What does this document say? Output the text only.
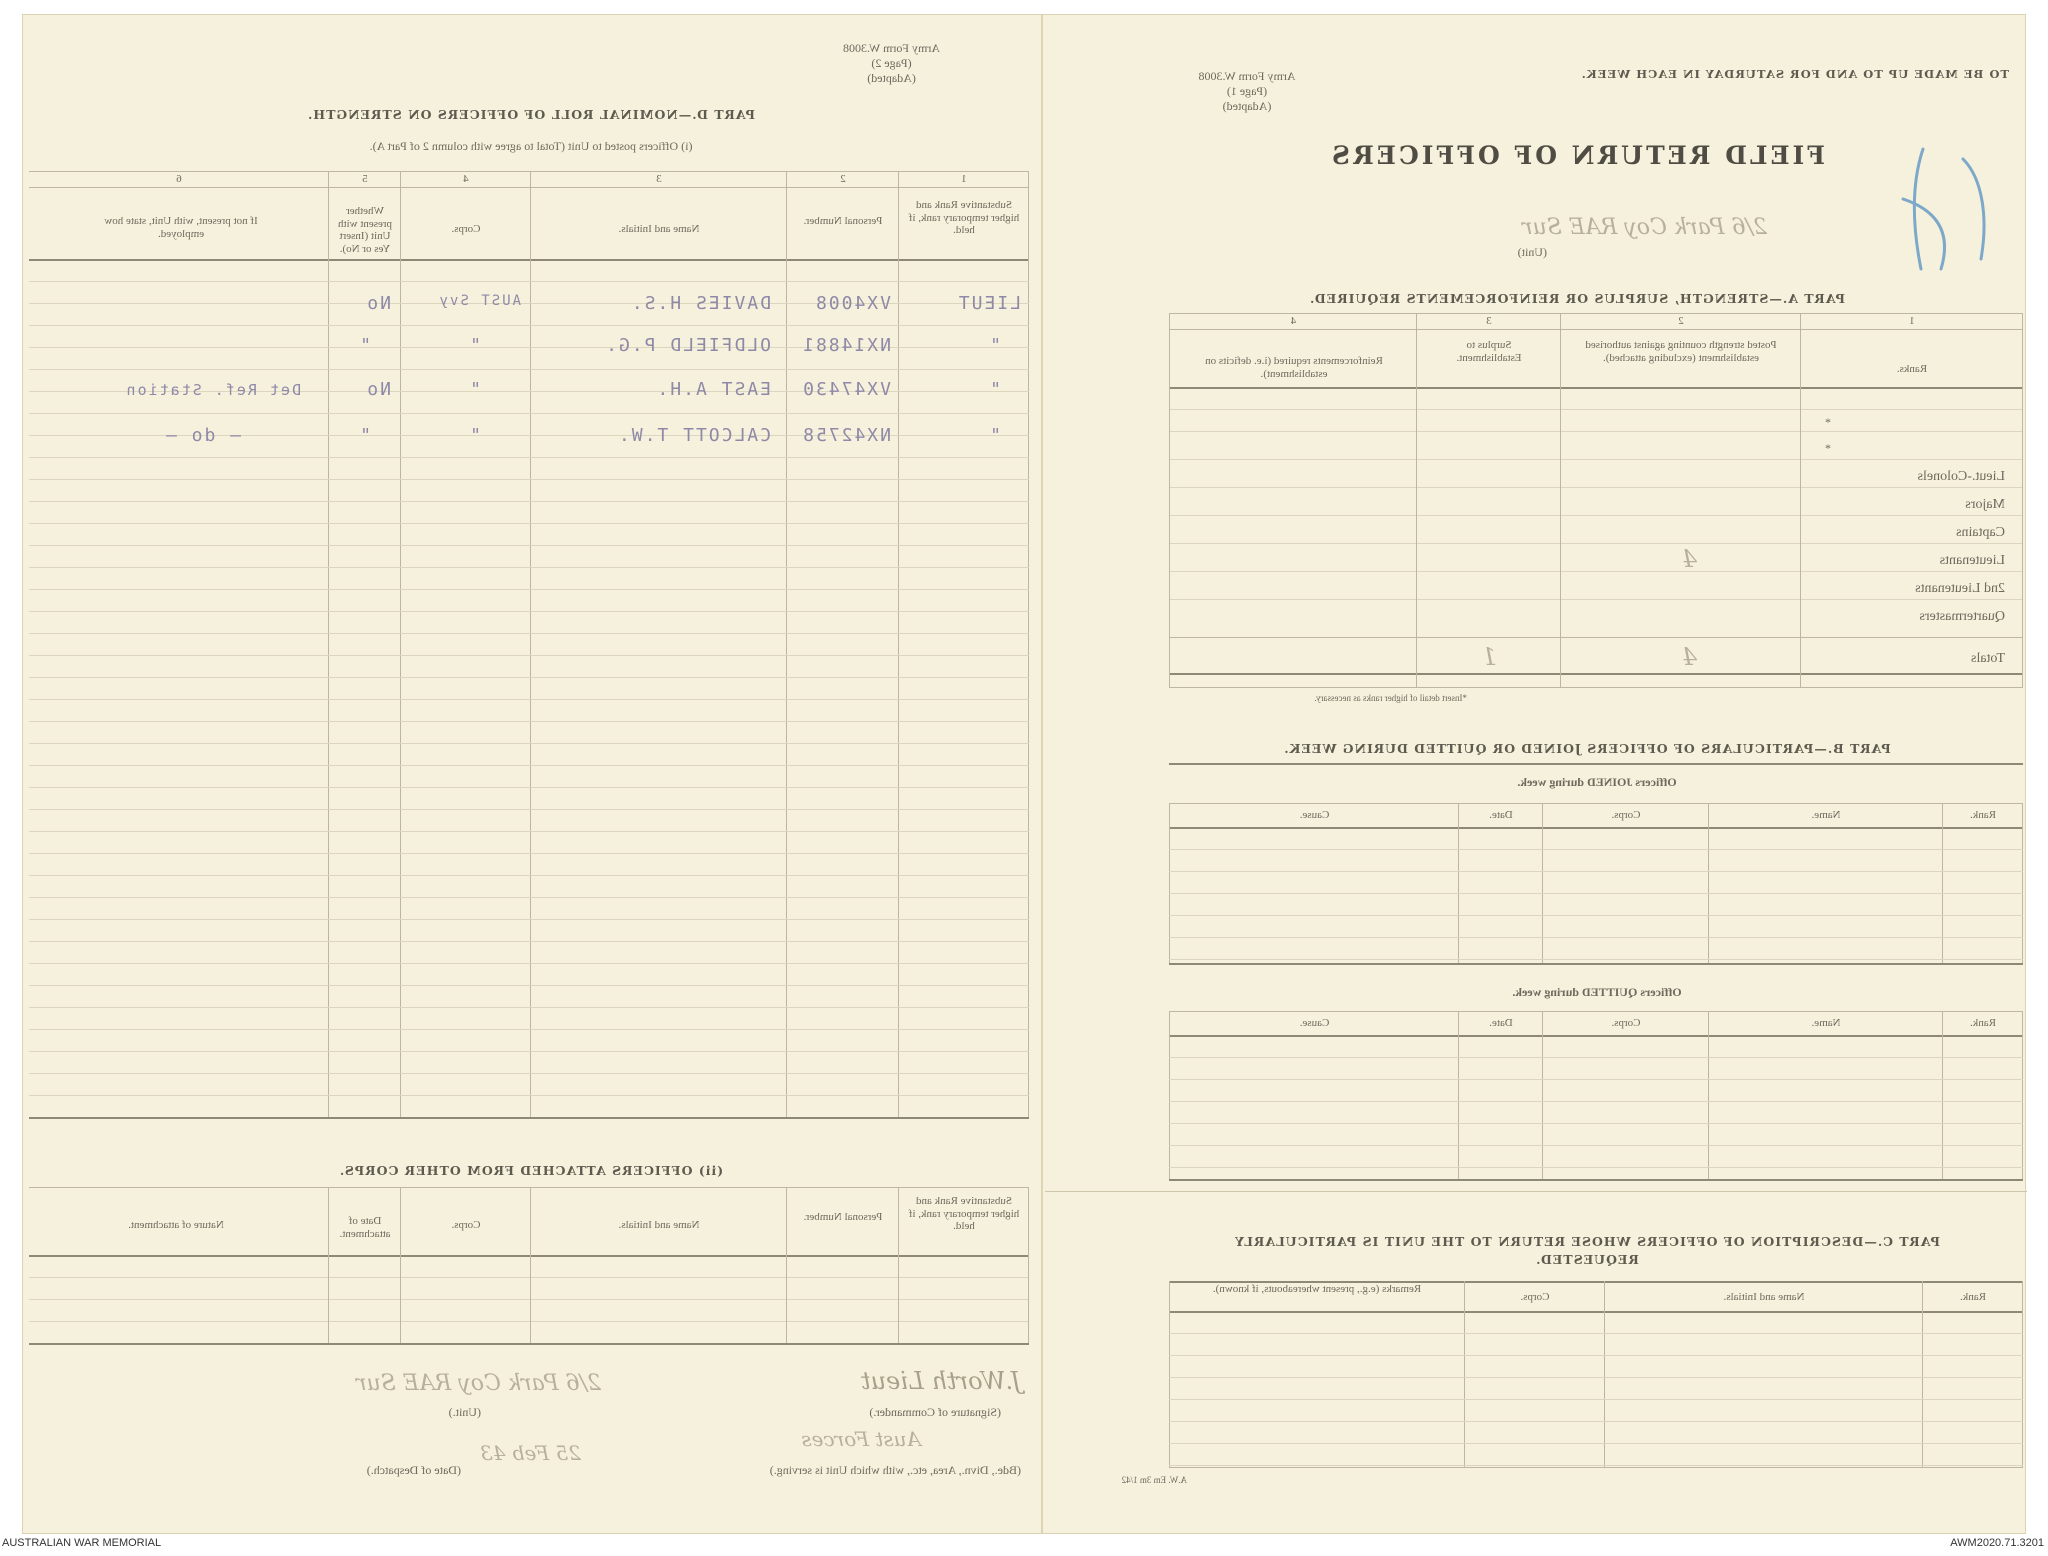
Army Form W.3008
(Page 2)
(Adapted)
PART D.—NOMINAL ROLL OF OFFICERS ON STRENGTH.
(i) Officers posted to Unit (Total to agree with column 2 of Part A).
1
2
3
4
5
6
Substantive Rank and higher temporary rank, if held.
Personal Number.
Name and Initials.
Corps.
Whether present with Unit (Insert Yes or No).
If not present, with Unit, state how employed.
LIEUT
VX4008
DAVIES H.S.
AUST Svy
No
"
NX14881
OLDFIELD P.G.
"
"
"
VX47430
EAST A.H.
"
No
Det Ref. Station
"
NX42758
CALCOTT T.W.
"
"
— do —
(ii) OFFICERS ATTACHED FROM OTHER CORPS.
Substantive Rank and higher temporary rank, if held.
Personal Number.
Name and Initials.
Corps.
Date of attachment.
Nature of attachment.
J.Worth Lieut
(Signature of Commander.)
2/6 Park Coy RAE Sur
(Unit.)
Aust Forces
(Bde., Divn., Area, etc., with which Unit is serving.)
25 Feb 43
(Date of Despatch.)
TO BE MADE UP TO AND FOR SATURDAY IN EACH WEEK.
Army Form W.3008
(Page 1)
(Adapted)
FIELD RETURN OF OFFICERS
2/6 Park Coy RAE Sur
(Unit)
PART A.—STRENGTH, SURPLUS OR REINFORCEMENTS REQUIRED.
1
2
3
4
Ranks.
Posted strength counting against authorised establishment (excluding attached).
Surplus to Establishment.
Reinforcements required (i.e. deficits on establishment).
*
*
Lieut.-Colonels
Majors
Captains
Lieutenants
2nd Lieutenants
Quartermasters
Totals
4
4
1
*Insert detail of higher ranks as necessary.
PART B.—PARTICULARS OF OFFICERS JOINED OR QUITTED DURING WEEK.
Officers JOINED during week.
Rank.
Name.
Corps.
Date.
Cause.
Officers QUITTED during week.
Rank.
Name.
Corps.
Date.
Cause.
PART C.—DESCRIPTION OF OFFICERS WHOSE RETURN TO THE UNIT IS PARTICULARLY
REQUESTED.
Rank.
Name and Initials.
Corps.
Remarks (e.g., present whereabouts, if known).
A.W. Em 3m 1/42
AUSTRALIAN WAR MEMORIAL	AWM2020.71.3201
